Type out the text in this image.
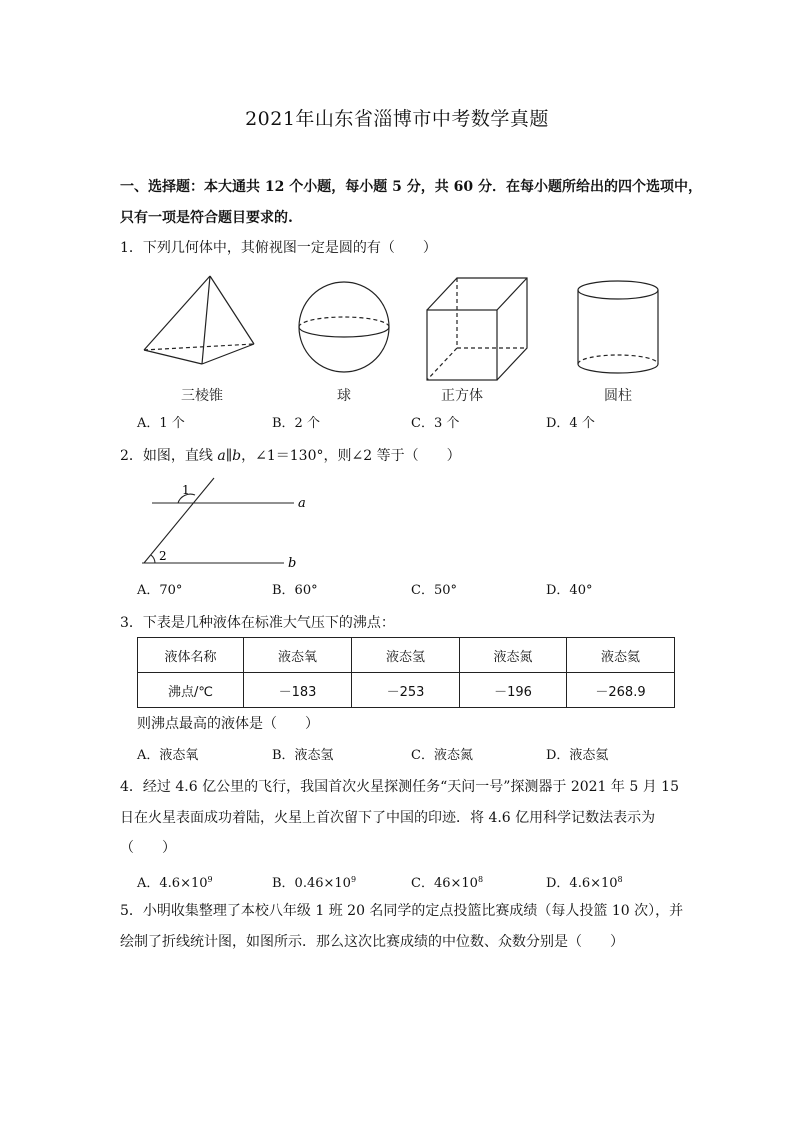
2021年山东省淄博市中考数学真题
一、选择题：本大通共 12 个小题，每小题 5 分，共 60 分．在每小题所给出的四个选项中，
只有一项是符合题目要求的.
1．下列几何体中，其俯视图一定是圆的有（　　）
三棱锥	球	正方体	圆柱
A．1 个	B．2 个	C．3 个	D．4 个
2．如图，直线 a∥b，∠1＝130°，则∠2 等于（　　）
1
2
a
b
A．70°	B．60°	C．50°	D．40°
3．下表是几种液体在标准大气压下的沸点：
液体名称	液态氧	液态氢	液态氮	液态氦
沸点/℃	－183	－253	－196	－268.9
则沸点最高的液体是（　　）
A．液态氧	B．液态氢	C．液态氮	D．液态氦
4．经过 4.6 亿公里的飞行，我国首次火星探测任务“天问一号”探测器于 2021 年 5 月 15
日在火星表面成功着陆，火星上首次留下了中国的印迹．将 4.6 亿用科学记数法表示为
（　　）
A．$4.6\times 10^9$	B．$0.46\times 10^9$	C．$46\times 10^8$	D．$4.6\times 10^8$
5．小明收集整理了本校八年级 1 班 20 名同学的定点投篮比赛成绩（每人投篮 10 次），并
绘制了折线统计图，如图所示．那么这次比赛成绩的中位数、众数分别是（　　）
